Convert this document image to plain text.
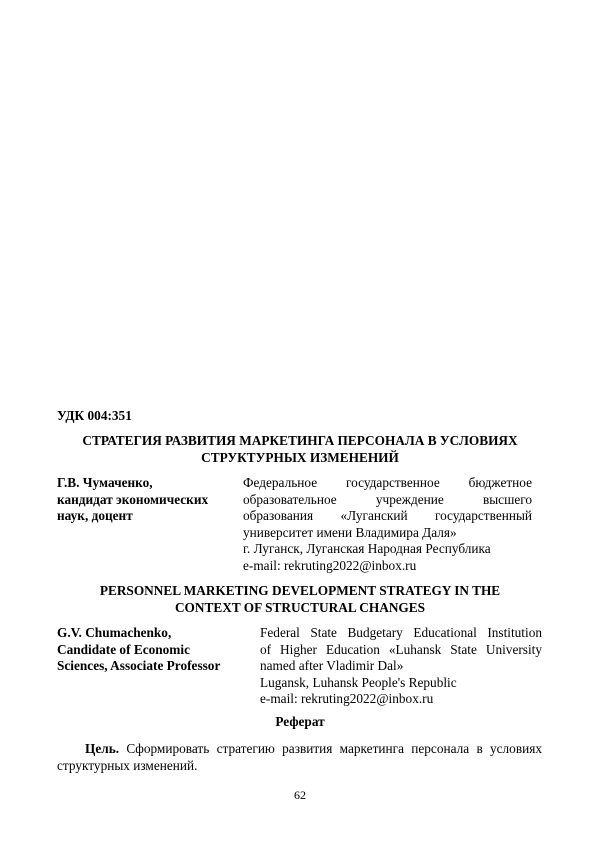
УДК 004:351
СТРАТЕГИЯ РАЗВИТИЯ МАРКЕТИНГА ПЕРСОНАЛА В УСЛОВИЯХ
СТРУКТУРНЫХ ИЗМЕНЕНИЙ
Г.В. Чумаченко,
кандидат экономических
наук, доцент
Федеральное государственное бюджетное
образовательное учреждение высшего
образования «Луганский государственный
университет имени Владимира Даля»
г. Луганск, Луганская Народная Республика
e-mail: rekruting2022@inbox.ru
PERSONNEL MARKETING DEVELOPMENT STRATEGY IN THE
CONTEXT OF STRUCTURAL CHANGES
G.V. Chumachenko,
Candidate of Economic
Sciences, Associate Professor
Federal State Budgetary Educational Institution
of Higher Education «Luhansk State University
named after Vladimir Dal»
Lugansk, Luhansk People's Republic
e-mail: rekruting2022@inbox.ru
Реферат
Цель. Сформировать стратегию развития маркетинга персонала в условиях
структурных изменений.
62
